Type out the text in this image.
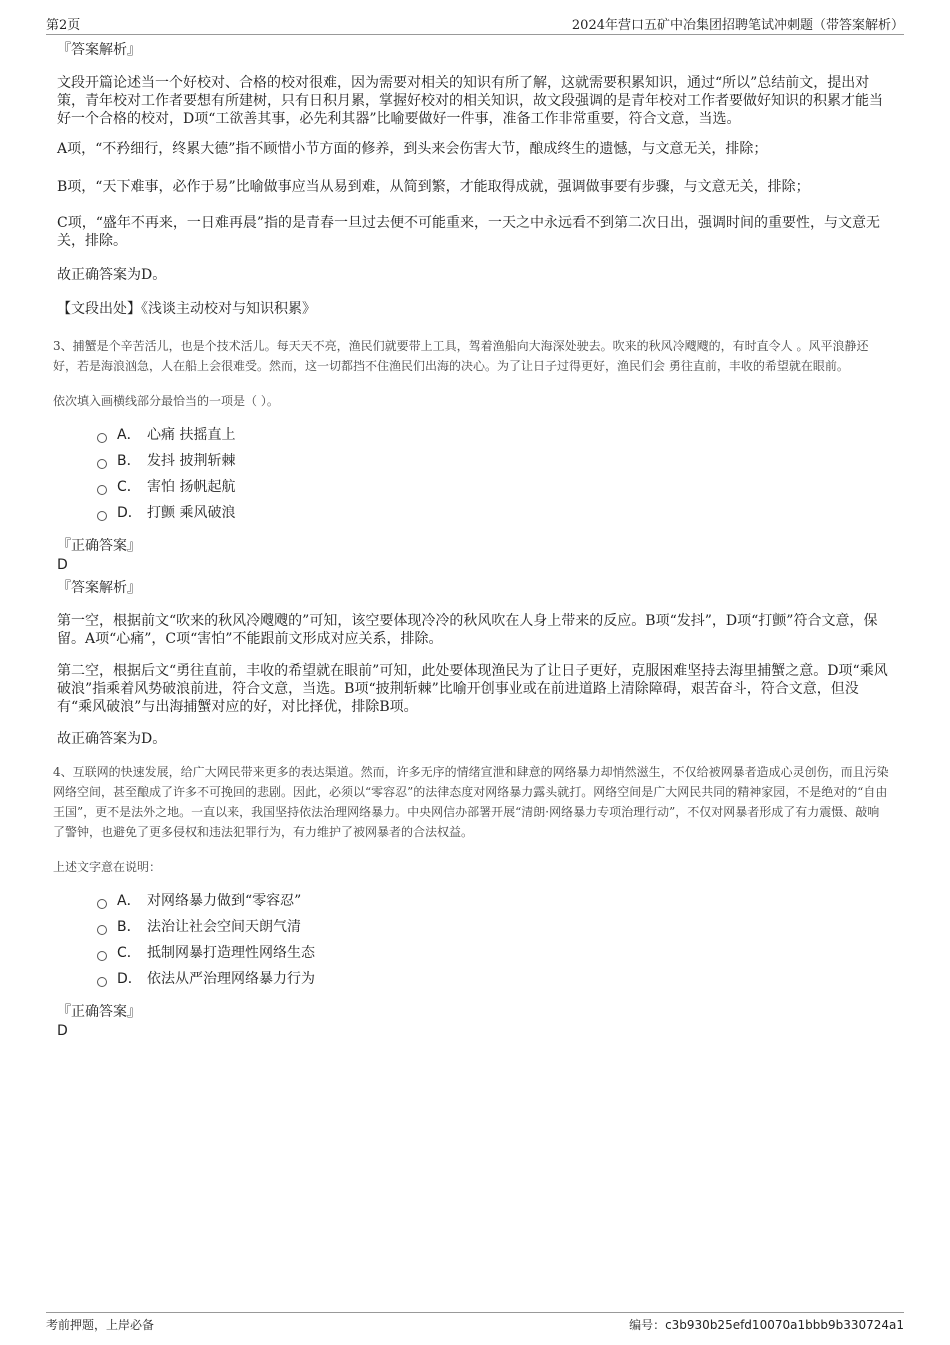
第2页	2024年营口五矿中冶集团招聘笔试冲刺题（带答案解析）

『答案解析』

文段开篇论述当一个好校对、合格的校对很难，因为需要对相关的知识有所了解，这就需要积累知识，通过“所以”总结前文，提出对策，青年校对工作者要想有所建树，只有日积月累，掌握好校对的相关知识，故文段强调的是青年校对工作者要做好知识的积累才能当好一个合格的校对，D项“工欲善其事，必先利其器”比喻要做好一件事，准备工作非常重要，符合文意，当选。

A项，“不矜细行，终累大德”指不顾惜小节方面的修养，到头来会伤害大节，酿成终生的遗憾，与文意无关，排除；

B项，“天下难事，必作于易”比喻做事应当从易到难，从简到繁，才能取得成就，强调做事要有步骤，与文意无关，排除；

C项，“盛年不再来，一日难再晨”指的是青春一旦过去便不可能重来，一天之中永远看不到第二次日出，强调时间的重要性，与文意无关，排除。

故正确答案为D。

【文段出处】《浅谈主动校对与知识积累》

3、捕蟹是个辛苦活儿，也是个技术活儿。每天天不亮，渔民们就要带上工具，驾着渔船向大海深处驶去。吹来的秋风冷飕飕的，有时直令人 。风平浪静还好，若是海浪汹急，人在船上会很难受。然而，这一切都挡不住渔民们出海的决心。为了让日子过得更好，渔民们会 勇往直前，丰收的希望就在眼前。

依次填入画横线部分最恰当的一项是（ ）。

A． 心痛 扶摇直上
B． 发抖 披荆斩棘
C． 害怕 扬帆起航
D． 打颤 乘风破浪

『正确答案』

D

『答案解析』

第一空，根据前文“吹来的秋风冷飕飕的”可知，该空要体现冷冷的秋风吹在人身上带来的反应。B项“发抖”，D项“打颤”符合文意，保留。A项“心痛”，C项“害怕”不能跟前文形成对应关系，排除。

第二空，根据后文“勇往直前，丰收的希望就在眼前”可知，此处要体现渔民为了让日子更好，克服困难坚持去海里捕蟹之意。D项“乘风破浪”指乘着风势破浪前进，符合文意，当选。B项“披荆斩棘”比喻开创事业或在前进道路上清除障碍，艰苦奋斗，符合文意，但没有“乘风破浪”与出海捕蟹对应的好，对比择优，排除B项。

故正确答案为D。

4、互联网的快速发展，给广大网民带来更多的表达渠道。然而，许多无序的情绪宣泄和肆意的网络暴力却悄然滋生，不仅给被网暴者造成心灵创伤，而且污染网络空间，甚至酿成了许多不可挽回的悲剧。因此，必须以“零容忍”的法律态度对网络暴力露头就打。网络空间是广大网民共同的精神家园，不是绝对的“自由王国”，更不是法外之地。一直以来，我国坚持依法治理网络暴力。中央网信办部署开展“清朗·网络暴力专项治理行动”，不仅对网暴者形成了有力震慑、敲响了警钟，也避免了更多侵权和违法犯罪行为，有力维护了被网暴者的合法权益。

上述文字意在说明：

A． 对网络暴力做到“零容忍”
B． 法治让社会空间天朗气清
C． 抵制网暴打造理性网络生态
D． 依法从严治理网络暴力行为

『正确答案』

D

考前押题，上岸必备	编号：c3b930b25efd10070a1bbb9b330724a1
